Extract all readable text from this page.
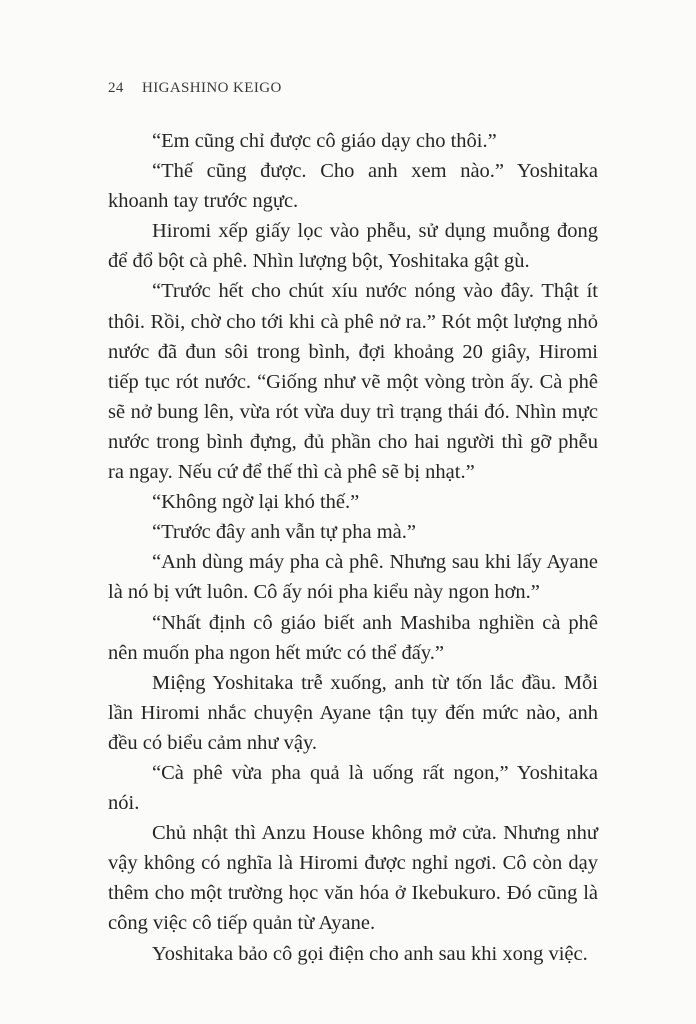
24 HIGASHINO KEIGO

“Em cũng chỉ được cô giáo dạy cho thôi.”

“Thế cũng được. Cho anh xem nào.” Yoshitaka khoanh tay trước ngực.

Hiromi xếp giấy lọc vào phễu, sử dụng muỗng đong để đổ bột cà phê. Nhìn lượng bột, Yoshitaka gật gù.

“Trước hết cho chút xíu nước nóng vào đây. Thật ít thôi. Rồi, chờ cho tới khi cà phê nở ra.” Rót một lượng nhỏ nước đã đun sôi trong bình, đợi khoảng 20 giây, Hiromi tiếp tục rót nước. “Giống như vẽ một vòng tròn ấy. Cà phê sẽ nở bung lên, vừa rót vừa duy trì trạng thái đó. Nhìn mực nước trong bình đựng, đủ phần cho hai người thì gỡ phễu ra ngay. Nếu cứ để thế thì cà phê sẽ bị nhạt.”

“Không ngờ lại khó thế.”

“Trước đây anh vẫn tự pha mà.”

“Anh dùng máy pha cà phê. Nhưng sau khi lấy Ayane là nó bị vứt luôn. Cô ấy nói pha kiểu này ngon hơn.”

“Nhất định cô giáo biết anh Mashiba nghiền cà phê nên muốn pha ngon hết mức có thể đấy.”

Miệng Yoshitaka trễ xuống, anh từ tốn lắc đầu. Mỗi lần Hiromi nhắc chuyện Ayane tận tụy đến mức nào, anh đều có biểu cảm như vậy.

“Cà phê vừa pha quả là uống rất ngon,” Yoshitaka nói.

Chủ nhật thì Anzu House không mở cửa. Nhưng như vậy không có nghĩa là Hiromi được nghỉ ngơi. Cô còn dạy thêm cho một trường học văn hóa ở Ikebukuro. Đó cũng là công việc cô tiếp quản từ Ayane.

Yoshitaka bảo cô gọi điện cho anh sau khi xong việc.
